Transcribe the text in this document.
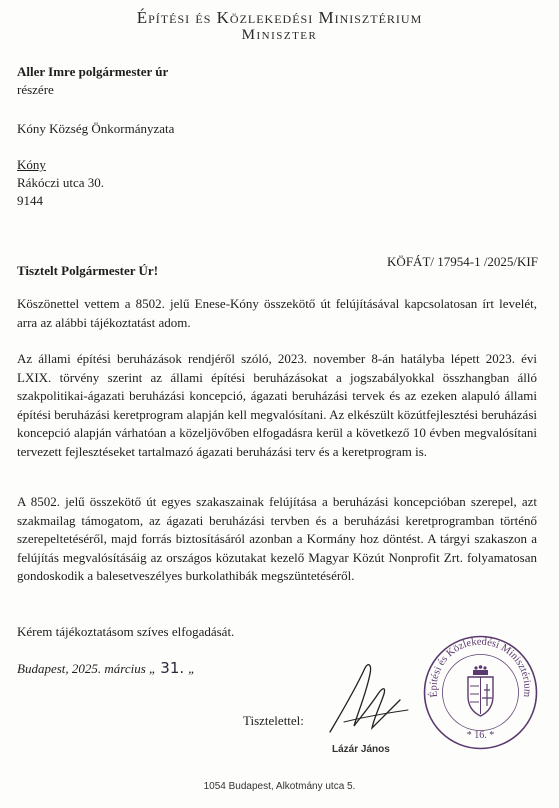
Építési és Közlekedési Minisztérium
Miniszter
Aller Imre polgármester úr
részére
Kóny Község Önkormányzata
Kóny
Rákóczi utca 30.
9144
KÖFÁT/ 17954-1 /2025/KIF
Tisztelt Polgármester Úr!
Köszönettel vettem a 8502. jelű Enese-Kóny összekötő út felújításával kapcsolatosan írt levelét, arra az alábbi tájékoztatást adom.
Az állami építési beruházások rendjéről szóló, 2023. november 8-án hatályba lépett 2023. évi LXIX. törvény szerint az állami építési beruházásokat a jogszabályokkal összhangban álló szakpolitikai-ágazati beruházási koncepció, ágazati beruházási tervek és az ezeken alapuló állami építési beruházási keretprogram alapján kell megvalósítani. Az elkészült közútfejlesztési beruházási koncepció alapján várhatóan a közeljövőben elfogadásra kerül a következő 10 évben megvalósítani tervezett fejlesztéseket tartalmazó ágazati beruházási terv és a keretprogram is.
A 8502. jelű összekötő út egyes szakaszainak felújítása a beruházási koncepcióban szerepel, azt szakmailag támogatom, az ágazati beruházási tervben és a beruházási keretprogramban történő szerepeltetéséről, majd forrás biztosításáról azonban a Kormány hoz döntést. A tárgyi szakaszon a felújítás megvalósításáig az országos közutakat kezelő Magyar Közút Nonprofit Zrt. folyamatosan gondoskodik a balesetveszélyes burkolathibák megszüntetéséről.
Kérem tájékoztatásom szíves elfogadását.
Budapest, 2025. március „ 31. „
Tisztelettel:
Lázár János
Építési és Közlekedési Minisztérium
* 16. *
1054 Budapest, Alkotmány utca 5.
